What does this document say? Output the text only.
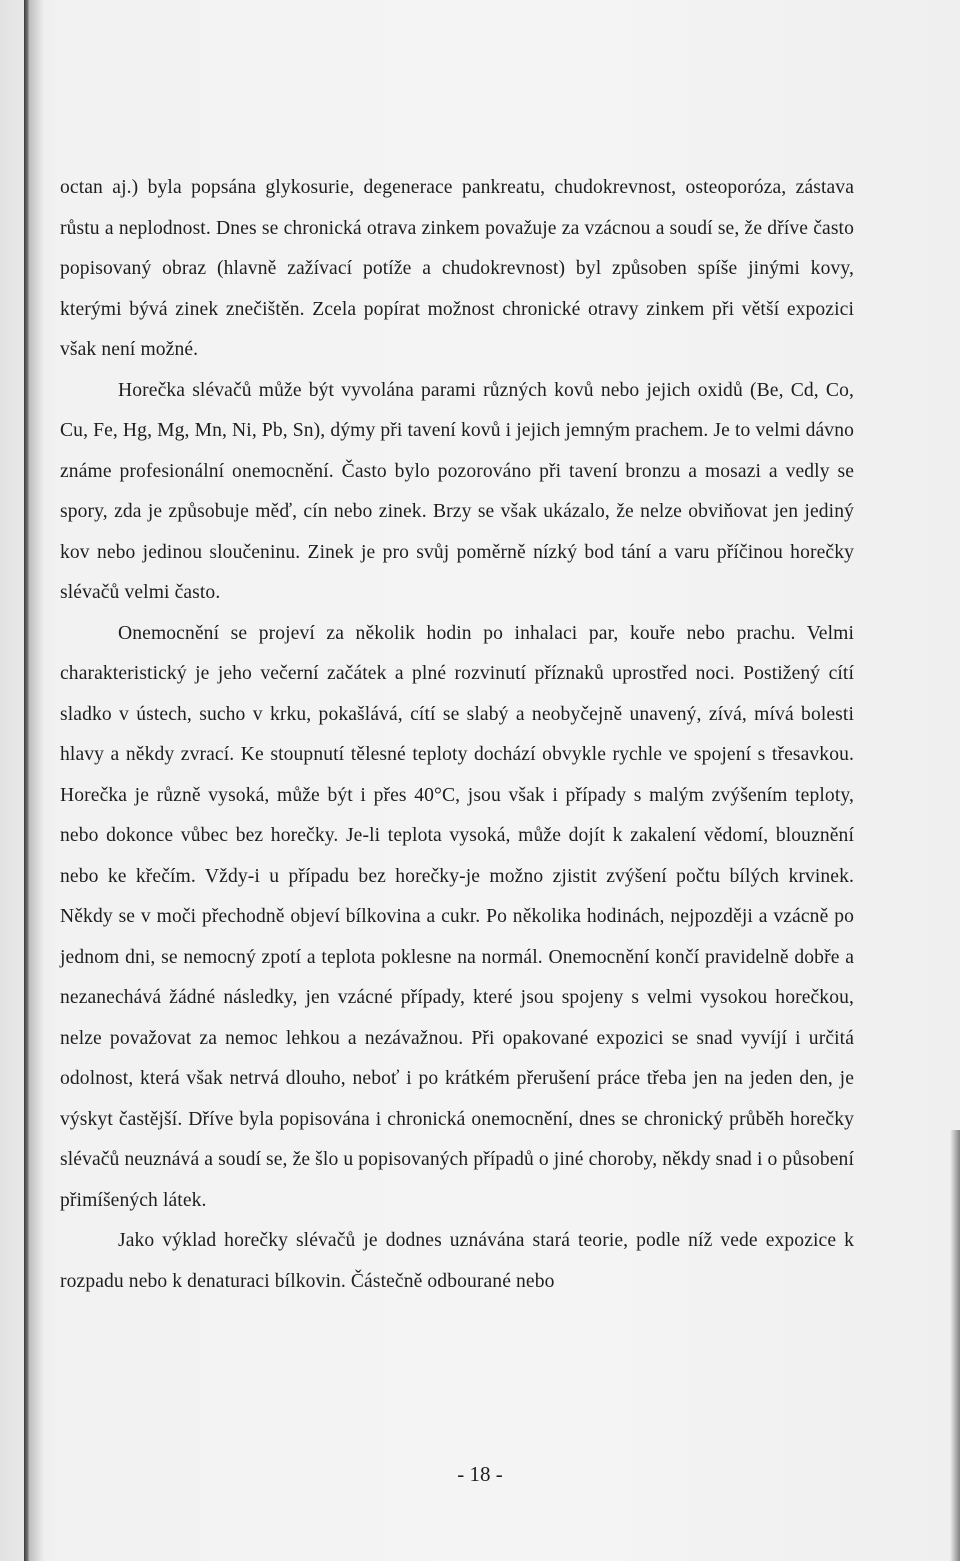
octan aj.) byla popsána glykosurie, degenerace pankreatu, chudokrevnost, osteoporóza, zástava růstu a neplodnost. Dnes se chronická otrava zinkem považuje za vzácnou a soudí se, že dříve často popisovaný obraz (hlavně zažívací potíže a chudokrevnost) byl způsoben spíše jinými kovy, kterými bývá zinek znečištěn. Zcela popírat možnost chronické otravy zinkem při větší expozici však není možné.

Horečka slévačů může být vyvolána parami různých kovů nebo jejich oxidů (Be, Cd, Co, Cu, Fe, Hg, Mg, Mn, Ni, Pb, Sn), dýmy při tavení kovů i jejich jemným prachem. Je to velmi dávno známe profesionální onemocnění. Často bylo pozorováno při tavení bronzu a mosazi a vedly se spory, zda je způsobuje měď, cín nebo zinek. Brzy se však ukázalo, že nelze obviňovat jen jediný kov nebo jedinou sloučeninu. Zinek je pro svůj poměrně nízký bod tání a varu příčinou horečky slévačů velmi často.

Onemocnění se projeví za několik hodin po inhalaci par, kouře nebo prachu. Velmi charakteristický je jeho večerní začátek a plné rozvinutí příznaků uprostřed noci. Postižený cítí sladko v ústech, sucho v krku, pokašlává, cítí se slabý a neobyčejně unavený, zívá, mívá bolesti hlavy a někdy zvrací. Ke stoupnutí tělesné teploty dochází obvykle rychle ve spojení s třesavkou. Horečka je různě vysoká, může být i přes 40°C, jsou však i případy s malým zvýšením teploty, nebo dokonce vůbec bez horečky. Je-li teplota vysoká, může dojít k zakalení vědomí, blouznění nebo ke křečím. Vždy-i u případu bez horečky-je možno zjistit zvýšení počtu bílých krvinek. Někdy se v moči přechodně objeví bílkovina a cukr. Po několika hodinách, nejpozději a vzácně po jednom dni, se nemocný zpotí a teplota poklesne na normál. Onemocnění končí pravidelně dobře a nezanechává žádné následky, jen vzácné případy, které jsou spojeny s velmi vysokou horečkou, nelze považovat za nemoc lehkou a nezávažnou. Při opakované expozici se snad vyvíjí i určitá odolnost, která však netrvá dlouho, neboť i po krátkém přerušení práce třeba jen na jeden den, je výskyt častější. Dříve byla popisována i chronická onemocnění, dnes se chronický průběh horečky slévačů neuznává a soudí se, že šlo u popisovaných případů o jiné choroby, někdy snad i o působení přimíšených látek.

Jako výklad horečky slévačů je dodnes uznávána stará teorie, podle níž vede expozice k rozpadu nebo k denaturaci bílkovin. Částečně odbourané nebo

- 18 -
